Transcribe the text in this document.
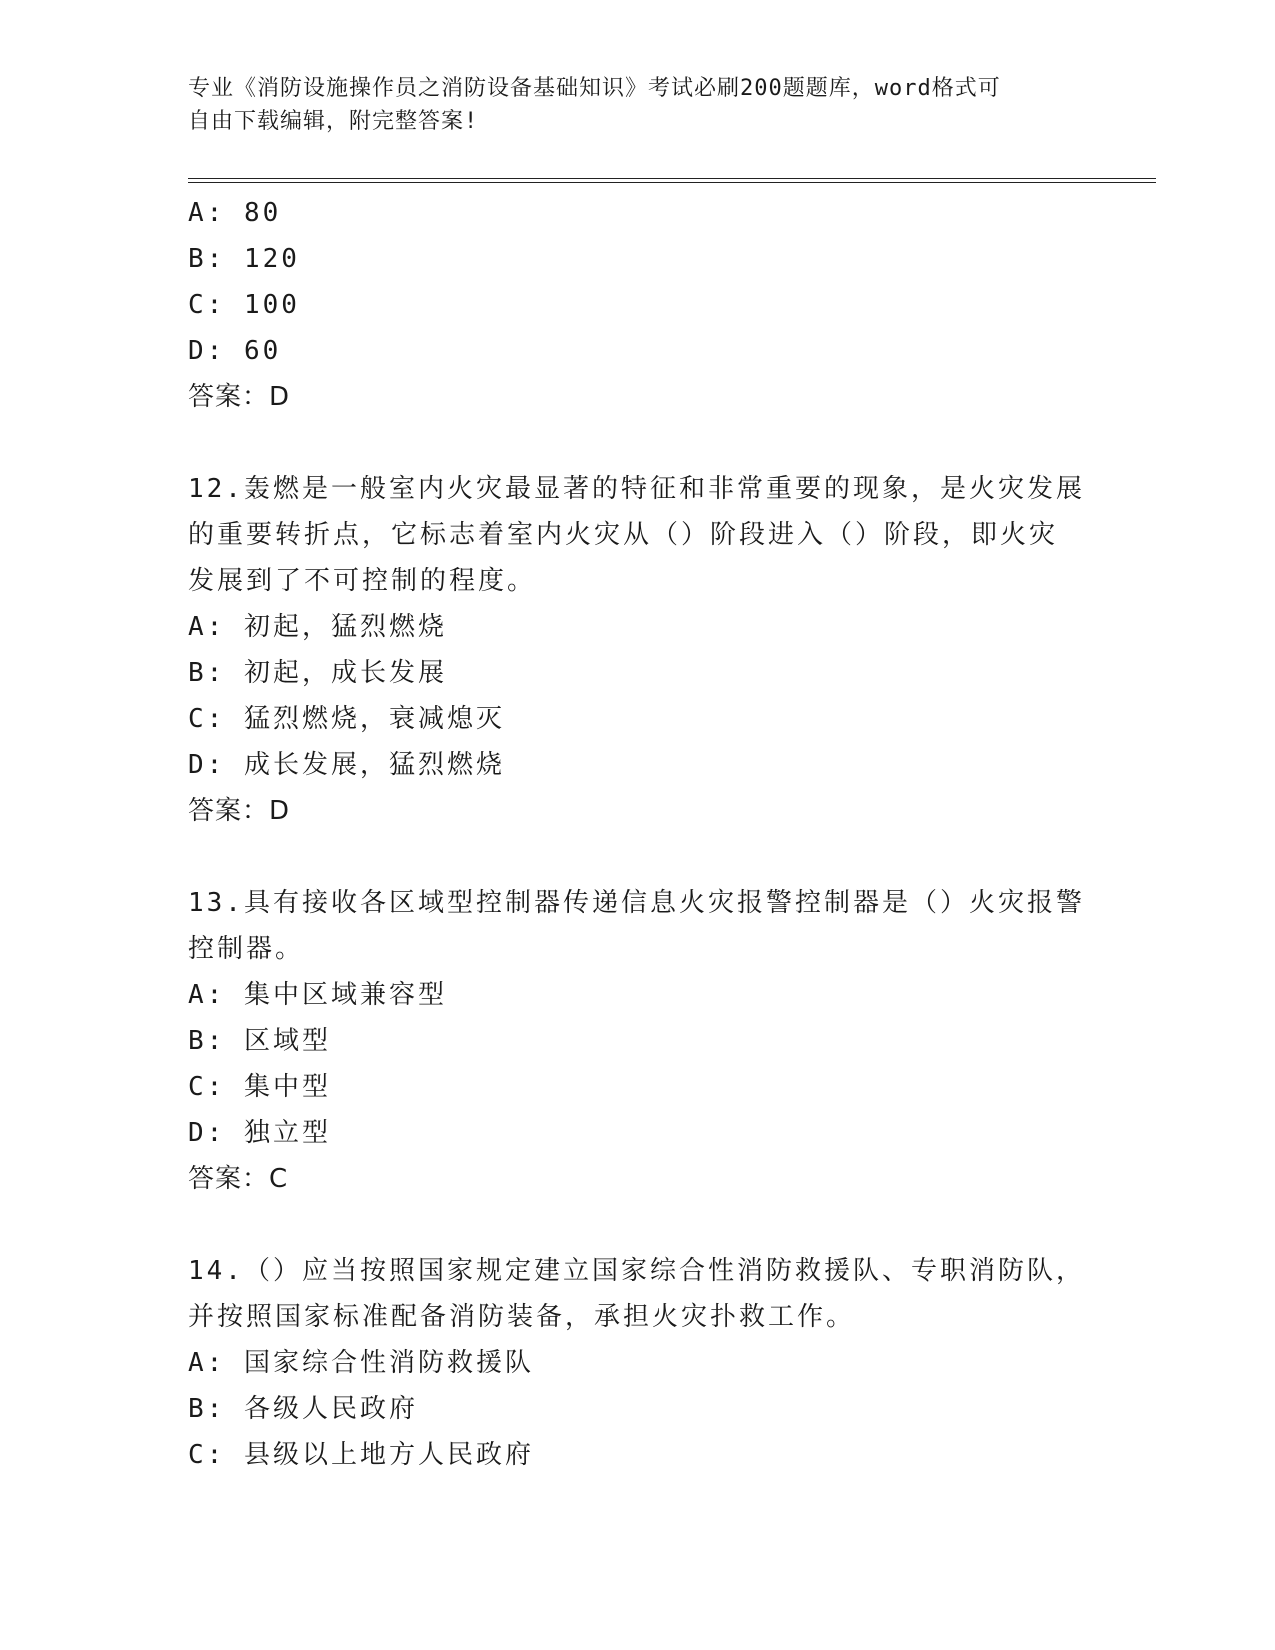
专业《消防设施操作员之消防设备基础知识》考试必刷200题题库，word格式可
自由下载编辑，附完整答案!
A: 80
B: 120
C: 100
D: 60
答案：D
12.轰燃是一般室内火灾最显著的特征和非常重要的现象，是火灾发展
的重要转折点，它标志着室内火灾从（）阶段进入（）阶段，即火灾
发展到了不可控制的程度。
A: 初起，猛烈燃烧
B: 初起，成长发展
C: 猛烈燃烧，衰减熄灭
D: 成长发展，猛烈燃烧
答案：D
13.具有接收各区域型控制器传递信息火灾报警控制器是（）火灾报警
控制器。
A: 集中区域兼容型
B: 区域型
C: 集中型
D: 独立型
答案：C
14.（）应当按照国家规定建立国家综合性消防救援队、专职消防队，
并按照国家标准配备消防装备，承担火灾扑救工作。
A: 国家综合性消防救援队
B: 各级人民政府
C: 县级以上地方人民政府
